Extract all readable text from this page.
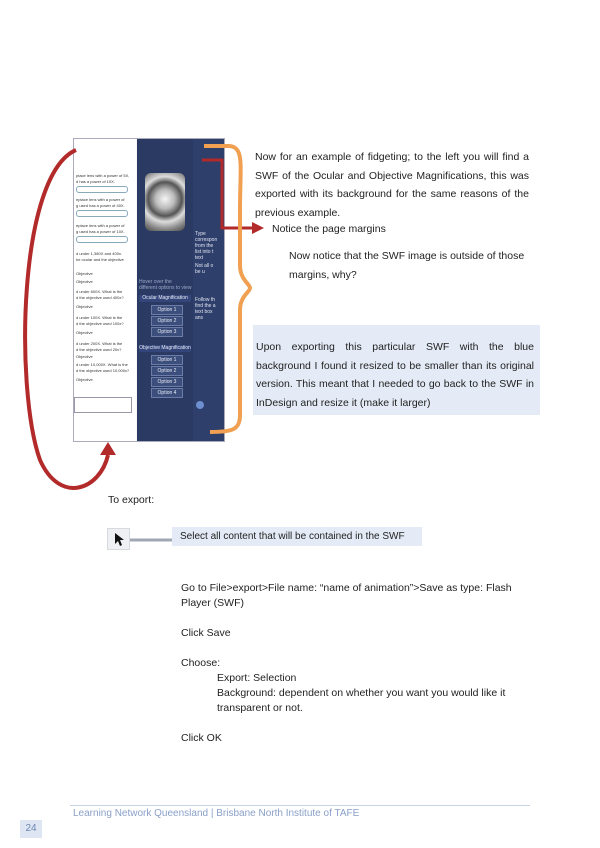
ptace lens with a power of 5X,
d has a power of 10X.
eptace lens with a power of
g used has a power of 40X.
eptace lens with a power of
g used has a power of 10X.
d under 1,380X and 400x.
he ocular and the objective
Objective
Objective
d under 600X. What is the
d the objective used 400x?
Objective
d under 100X. What is the
d the objective used 100x?
Objective
d under 200X. What is the
d the objective used 20x?
Objective
d under 10,000X. What is the
d the objective used 10,000x?
Objective
Hover over the
different options to view
Ocular Magnification
Option 1
Option 2
Option 3
Objective Magnification
Option 1
Option 2
Option 3
Option 4
Type
correspon
from the
list into t
text
Not all o
be u
Follow th
find the a
text box
ans
Now for an example of fidgeting; to the left you will find a SWF of the Ocular and Objective Magnifications, this was exported with its background for the same reasons of the previous example.
Notice the page margins
Now notice that the SWF image is outside of those margins, why?
Upon exporting this particular SWF with the blue background I found it resized to be smaller than its original version. This meant that I needed to go back to the SWF in InDesign and resize it (make it larger)
To export:
Select all content that will be contained in the SWF
Go to File>export>File name: “name of animation”>Save as type: Flash Player (SWF)
Click Save
Choose:
Export: Selection
Background: dependent on whether you want you would like it transparent or not.
Click OK
Learning Network Queensland | Brisbane North Institute of TAFE
24
